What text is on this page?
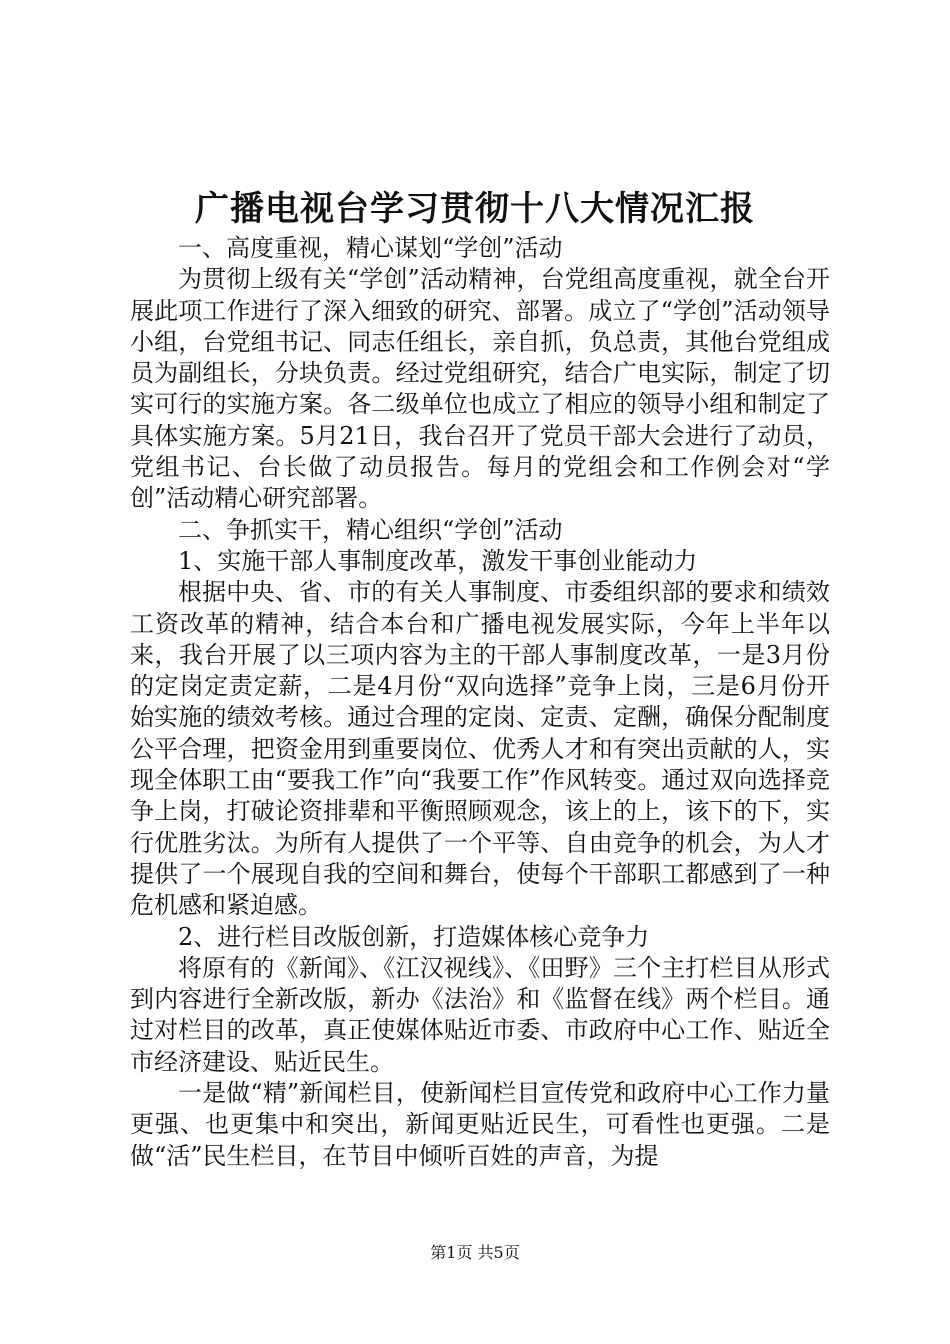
广播电视台学习贯彻十八大情况汇报

一、高度重视，精心谋划“学创”活动

为贯彻上级有关“学创”活动精神，台党组高度重视，就全台开展此项工作进行了深入细致的研究、部署。成立了“学创”活动领导小组，台党组书记、同志任组长，亲自抓，负总责，其他台党组成员为副组长，分块负责。经过党组研究，结合广电实际，制定了切实可行的实施方案。各二级单位也成立了相应的领导小组和制定了具体实施方案。5月21日，我台召开了党员干部大会进行了动员，党组书记、台长做了动员报告。每月的党组会和工作例会对“学创”活动精心研究部署。

二、争抓实干，精心组织“学创”活动

1、实施干部人事制度改革，激发干事创业能动力

根据中央、省、市的有关人事制度、市委组织部的要求和绩效工资改革的精神，结合本台和广播电视发展实际，今年上半年以来，我台开展了以三项内容为主的干部人事制度改革，一是3月份的定岗定责定薪，二是4月份“双向选择”竞争上岗，三是6月份开始实施的绩效考核。通过合理的定岗、定责、定酬，确保分配制度公平合理，把资金用到重要岗位、优秀人才和有突出贡献的人，实现全体职工由“要我工作”向“我要工作”作风转变。通过双向选择竞争上岗，打破论资排辈和平衡照顾观念，该上的上，该下的下，实行优胜劣汰。为所有人提供了一个平等、自由竞争的机会，为人才提供了一个展现自我的空间和舞台，使每个干部职工都感到了一种危机感和紧迫感。

2、进行栏目改版创新，打造媒体核心竞争力

将原有的《新闻》、《江汉视线》、《田野》三个主打栏目从形式到内容进行全新改版，新办《法治》和《监督在线》两个栏目。通过对栏目的改革，真正使媒体贴近市委、市政府中心工作、贴近全市经济建设、贴近民生。

一是做“精”新闻栏目，使新闻栏目宣传党和政府中心工作力量更强、也更集中和突出，新闻更贴近民生，可看性也更强。二是做“活”民生栏目，在节目中倾听百姓的声音，为提

第1页 共5页
